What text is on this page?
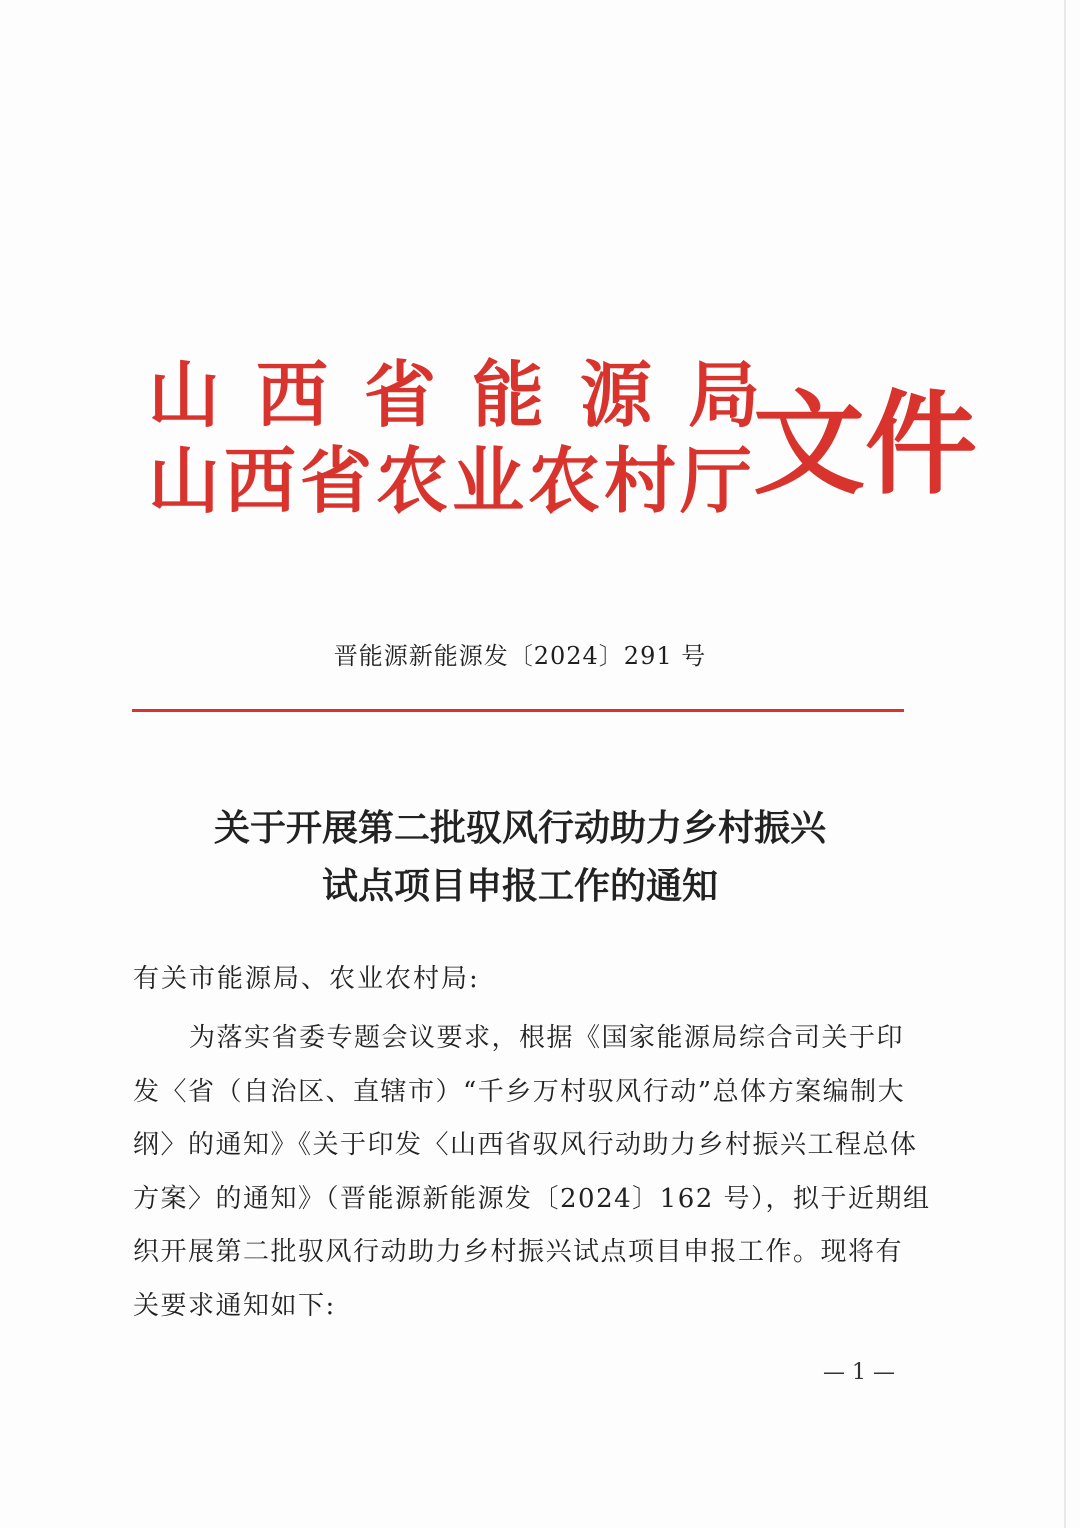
山西省能源局
山西省农业农村厅
文件
晋能源新能源发〔2024〕291 号
关于开展第二批驭风行动助力乡村振兴
试点项目申报工作的通知
有关市能源局、农业农村局:

为落实省委专题会议要求，根据《国家能源局综合司关于印

发〈省（自治区、直辖市）“千乡万村驭风行动”总体方案编制大

纲〉的通知》《关于印发〈山西省驭风行动助力乡村振兴工程总体

方案〉的通知》（晋能源新能源发〔2024〕162 号），拟于近期组

织开展第二批驭风行动助力乡村振兴试点项目申报工作。现将有

关要求通知如下:

— 1 —
